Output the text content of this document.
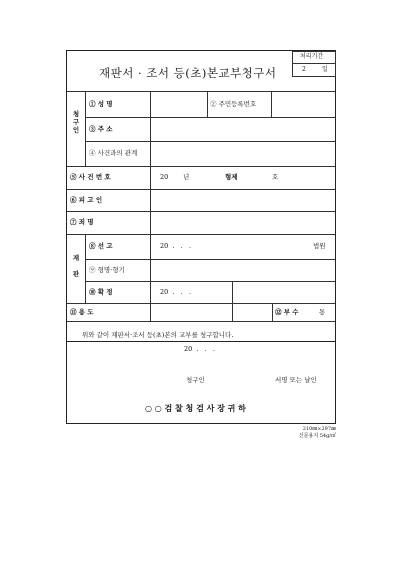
재판서 · 조서 등(초)본교부청구서
처리기간
2	일
청구인
① 성 명	② 주민등록번호
③ 주 소
④ 사건과의 관계
⑤ 사 건 번 호	20 년	형제	호
⑥ 피 고 인
⑦ 죄 명
재판
⑧ 선 고	20  .   .   .	법원
⑨ 형명·형기
⑩ 확 정	20  .   .   .
⑪ 용 도	⑫ 부 수	통
위와 같이 재판서·조서 등(초)본의 교부를 청구합니다.
20  .   .   .
청구인	서명 또는 날인
○ ○ 검 찰 청 검 사 장 귀 하
210㎜×297㎜
신문용지 54g/㎡
